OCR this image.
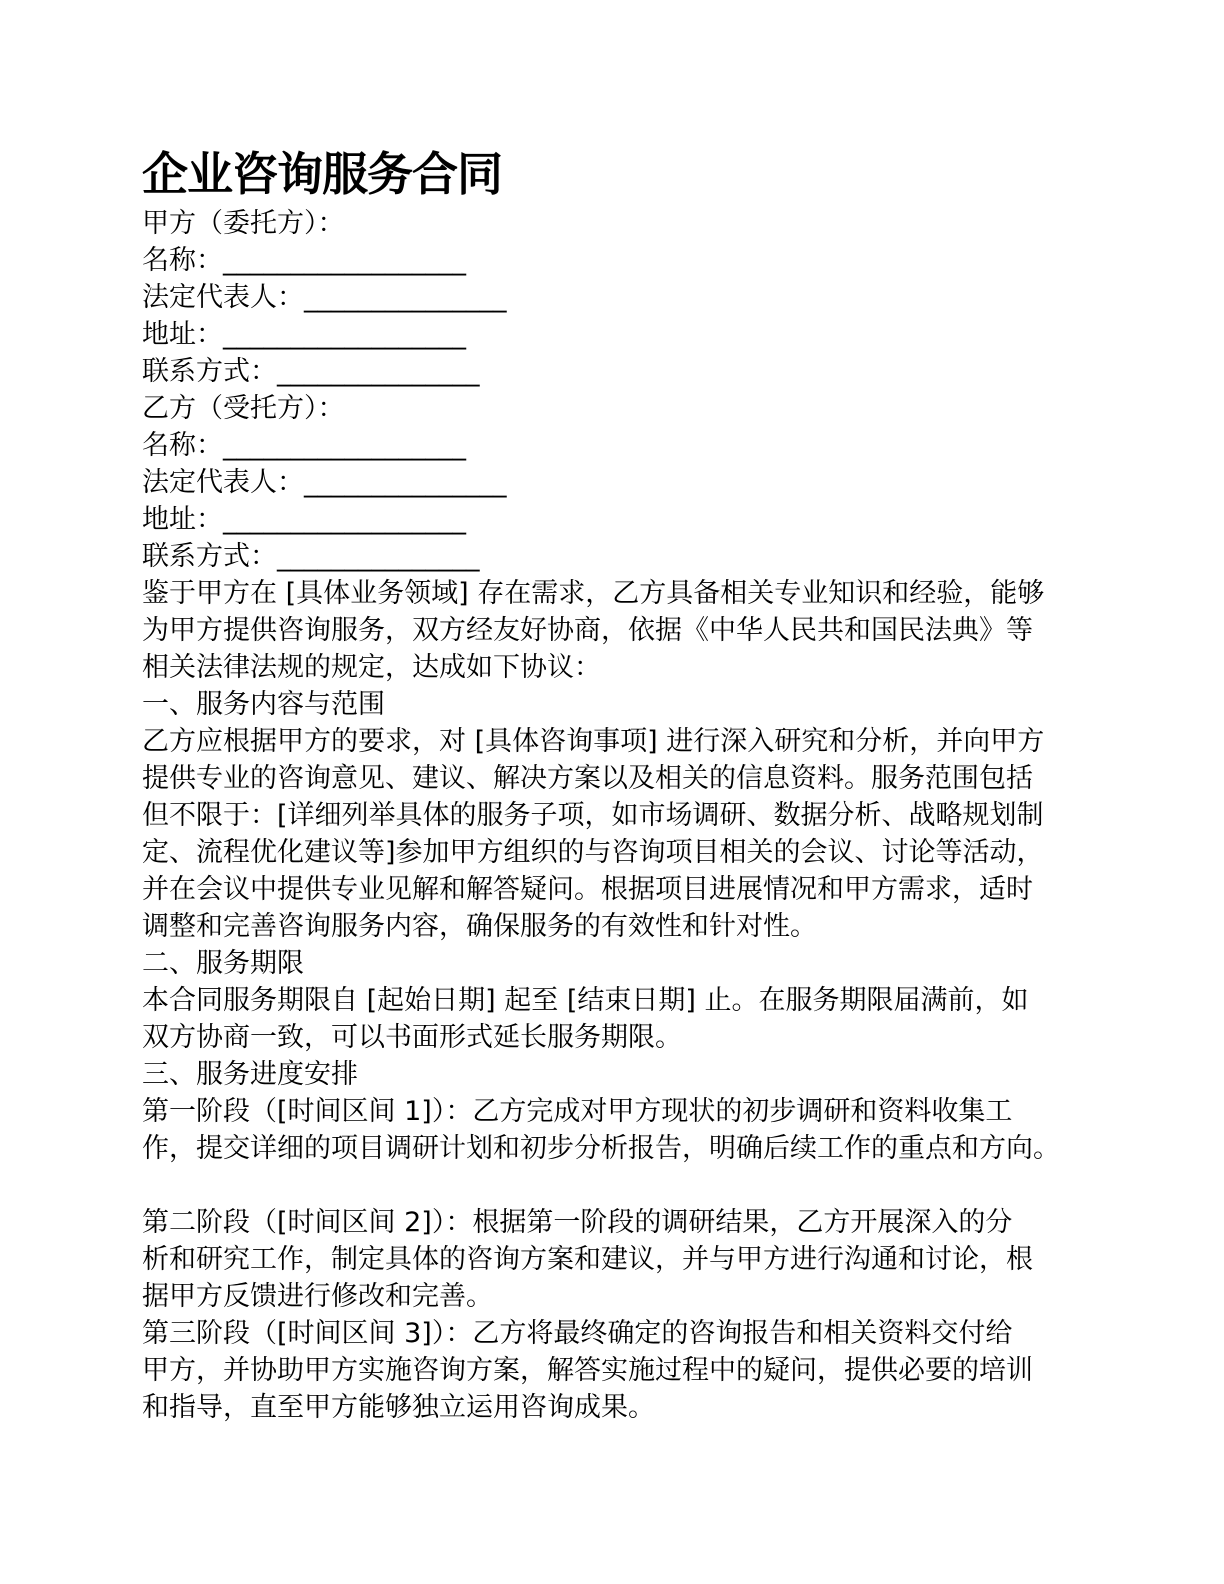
企业咨询服务合同

甲方（委托方）：

名称：__________________

法定代表人：_______________

地址：__________________

联系方式：_______________

乙方（受托方）：

名称：__________________

法定代表人：_______________

地址：__________________

联系方式：_______________

鉴于甲方在 [具体业务领域] 存在需求，乙方具备相关专业知识和经验，能够
为甲方提供咨询服务，双方经友好协商，依据《中华人民共和国民法典》等
相关法律法规的规定，达成如下协议：

一、服务内容与范围

乙方应根据甲方的要求，对 [具体咨询事项] 进行深入研究和分析，并向甲方
提供专业的咨询意见、建议、解决方案以及相关的信息资料。服务范围包括
但不限于：[详细列举具体的服务子项，如市场调研、数据分析、战略规划制
定、流程优化建议等]参加甲方组织的与咨询项目相关的会议、讨论等活动，
并在会议中提供专业见解和解答疑问。根据项目进展情况和甲方需求，适时
调整和完善咨询服务内容，确保服务的有效性和针对性。

二、服务期限

本合同服务期限自 [起始日期] 起至 [结束日期] 止。在服务期限届满前，如
双方协商一致，可以书面形式延长服务期限。

三、服务进度安排

第一阶段（[时间区间 1]）：乙方完成对甲方现状的初步调研和资料收集工
作，提交详细的项目调研计划和初步分析报告，明确后续工作的重点和方向。
第二阶段（[时间区间 2]）：根据第一阶段的调研结果，乙方开展深入的分
析和研究工作，制定具体的咨询方案和建议，并与甲方进行沟通和讨论，根
据甲方反馈进行修改和完善。
第三阶段（[时间区间 3]）：乙方将最终确定的咨询报告和相关资料交付给
甲方，并协助甲方实施咨询方案，解答实施过程中的疑问，提供必要的培训
和指导，直至甲方能够独立运用咨询成果。
